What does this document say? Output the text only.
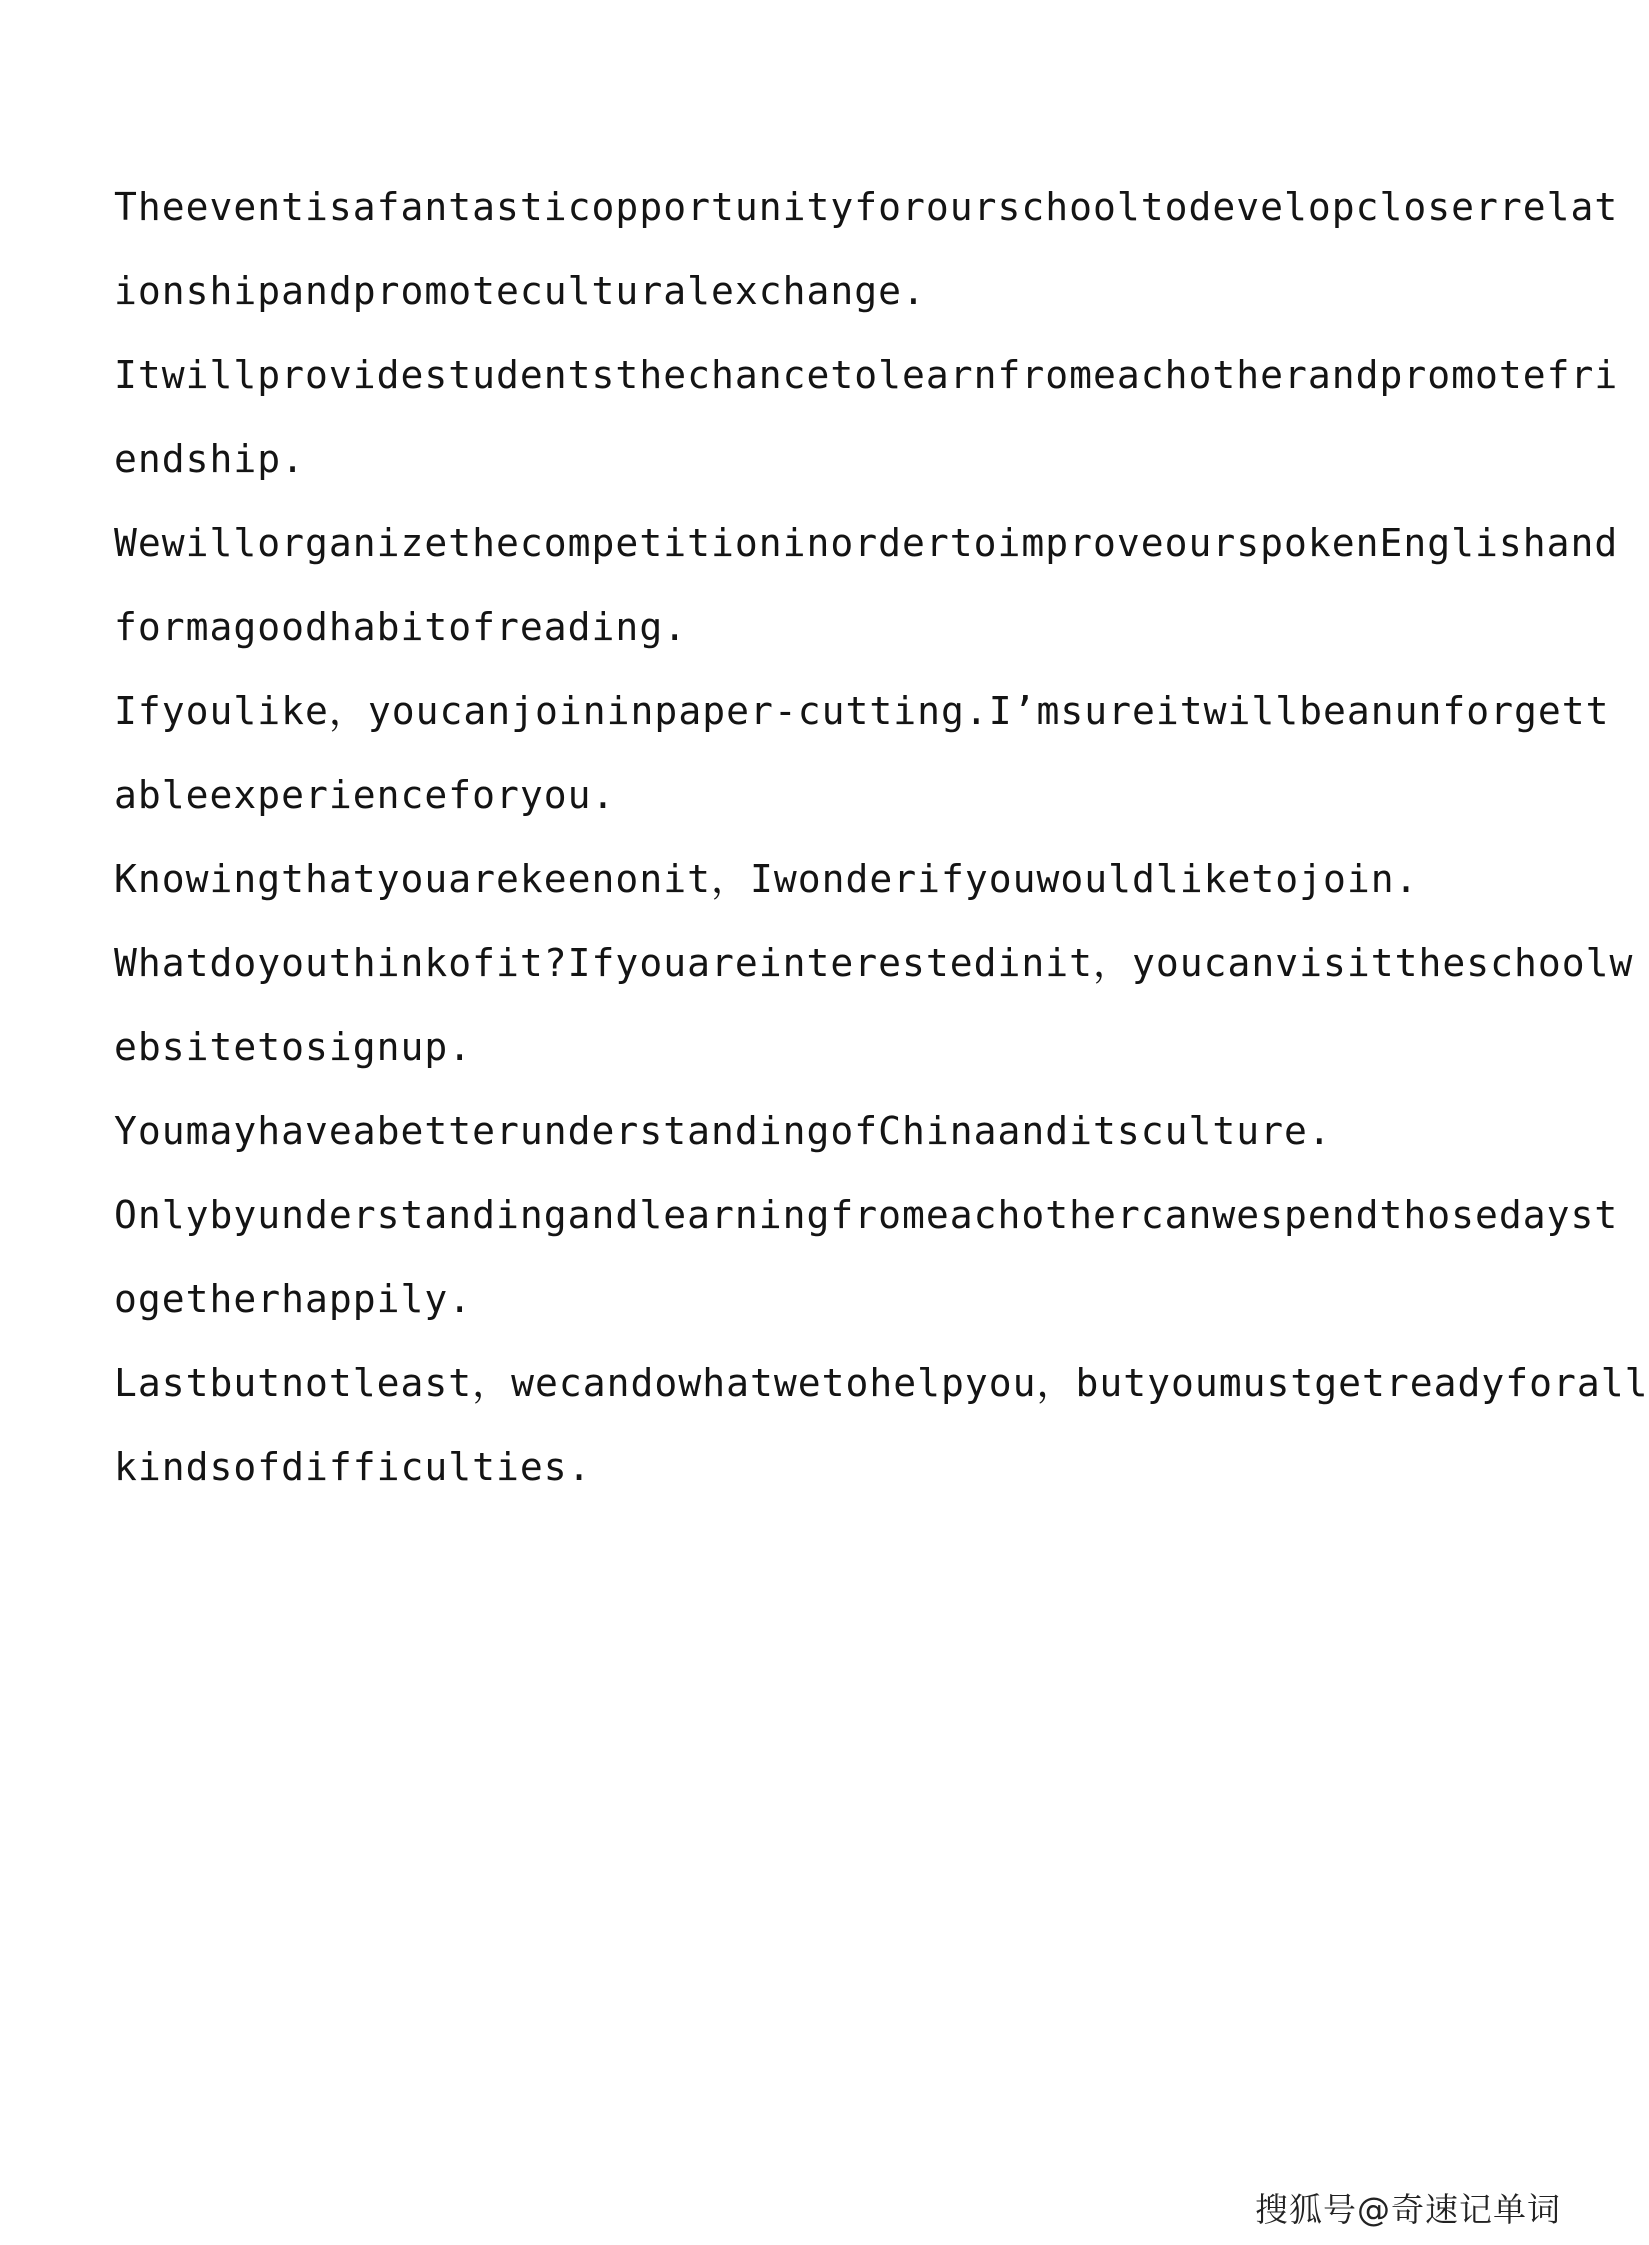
Theeventisafantasticopportunityforourschooltodevelopcloserrelat
ionshipandpromoteculturalexchange.
Itwillprovidestudentsthechancetolearnfromeachotherandpromotefri
endship.
WewillorganizethecompetitioninordertoimproveourspokenEnglishand
formagoodhabitofreading.
Ifyoulike，youcanjoininpaper-cutting.I’msureitwillbeanunforgett
ableexperienceforyou.
Knowingthatyouarekeenonit，Iwonderifyouwouldliketojoin.
Whatdoyouthinkofit?Ifyouareinterestedinit，youcanvisittheschoolw
ebsitetosignup.
YoumayhaveabetterunderstandingofChinaanditsculture.
Onlybyunderstandingandlearningfromeachothercanwespendthosedayst
ogetherhappily.
Lastbutnotleast，wecandowhatwetohelpyou，butyoumustgetreadyforall
kindsofdifficulties.
搜狐号@奇速记单词
